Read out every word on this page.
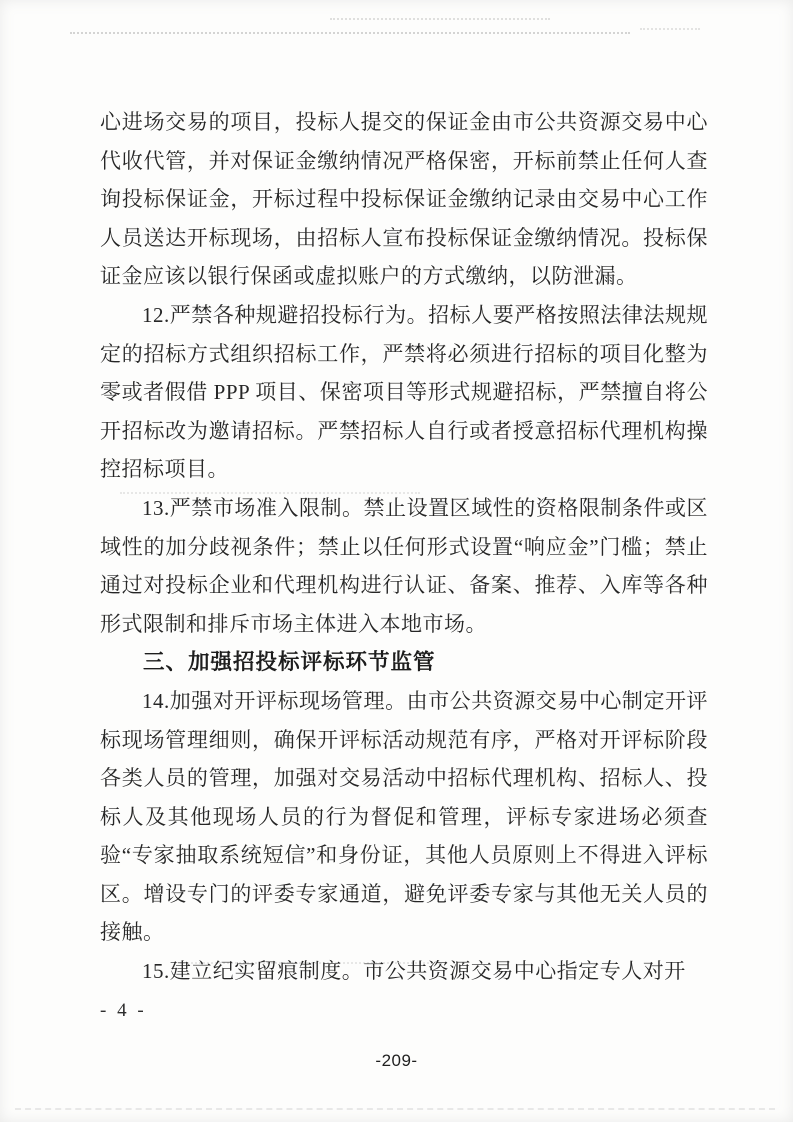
心进场交易的项目，投标人提交的保证金由市公共资源交易中心代收代管，并对保证金缴纳情况严格保密，开标前禁止任何人查询投标保证金，开标过程中投标保证金缴纳记录由交易中心工作人员送达开标现场，由招标人宣布投标保证金缴纳情况。投标保证金应该以银行保函或虚拟账户的方式缴纳，以防泄漏。

12.严禁各种规避招投标行为。招标人要严格按照法律法规规定的招标方式组织招标工作，严禁将必须进行招标的项目化整为零或者假借 PPP 项目、保密项目等形式规避招标，严禁擅自将公开招标改为邀请招标。严禁招标人自行或者授意招标代理机构操控招标项目。

13.严禁市场准入限制。禁止设置区域性的资格限制条件或区域性的加分歧视条件；禁止以任何形式设置“响应金”门槛；禁止通过对投标企业和代理机构进行认证、备案、推荐、入库等各种形式限制和排斥市场主体进入本地市场。

三、加强招投标评标环节监管

14.加强对开评标现场管理。由市公共资源交易中心制定开评标现场管理细则，确保开评标活动规范有序，严格对开评标阶段各类人员的管理，加强对交易活动中招标代理机构、招标人、投标人及其他现场人员的行为督促和管理，评标专家进场必须查验“专家抽取系统短信”和身份证，其他人员原则上不得进入评标区。增设专门的评委专家通道，避免评委专家与其他无关人员的接触。

15.建立纪实留痕制度。市公共资源交易中心指定专人对开

- 4 -
-209-
